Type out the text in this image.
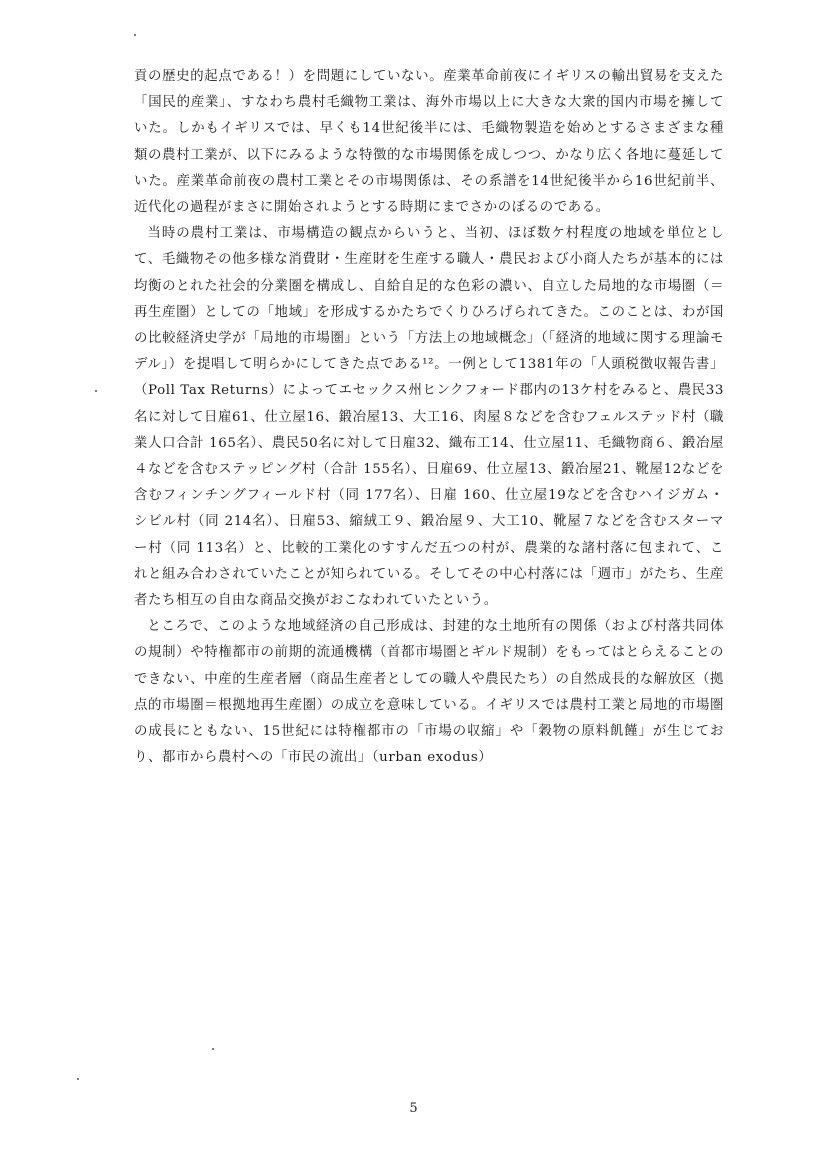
貢の歴史的起点である！）を問題にしていない。産業革命前夜にイギリスの輸出貿易を支えた「国民的産業」、すなわち農村毛織物工業は、海外市場以上に大きな大衆的国内市場を擁していた。しかもイギリスでは、早くも14世紀後半には、毛織物製造を始めとするさまざまな種類の農村工業が、以下にみるような特徴的な市場関係を成しつつ、かなり広く各地に蔓延していた。産業革命前夜の農村工業とその市場関係は、その系譜を14世紀後半から16世紀前半、近代化の過程がまさに開始されようとする時期にまでさかのぼるのである。

当時の農村工業は、市場構造の観点からいうと、当初、ほぼ数ケ村程度の地域を単位として、毛織物その他多様な消費財・生産財を生産する職人・農民および小商人たちが基本的には均衡のとれた社会的分業圏を構成し、自給自足的な色彩の濃い、自立した局地的な市場圏（＝再生産圏）としての「地域」を形成するかたちでくりひろげられてきた。このことは、わが国の比較経済史学が「局地的市場圏」という「方法上の地域概念」（「経済的地域に関する理論モデル」）を提唱して明らかにしてきた点である¹²。一例として1381年の「人頭税徴収報告書」（Poll Tax Returns）によってエセックス州ヒンクフォード郡内の13ケ村をみると、農民33名に対して日雇61、仕立屋16、鍛冶屋13、大工16、肉屋８などを含むフェルステッド村（職業人口合計 165名）、農民50名に対して日雇32、織布工14、仕立屋11、毛織物商６、鍛冶屋４などを含むステッピング村（合計 155名）、日雇69、仕立屋13、鍛冶屋21、靴屋12などを含むフィンチングフィールド村（同 177名）、日雇 160、仕立屋19などを含むハイジガム・シビル村（同 214名）、日雇53、縮絨工９、鍛冶屋９、大工10、靴屋７などを含むスターマー村（同 113名）と、比較的工業化のすすんだ五つの村が、農業的な諸村落に包まれて、これと組み合わされていたことが知られている。そしてその中心村落には「週市」がたち、生産者たち相互の自由な商品交換がおこなわれていたという。

ところで、このような地域経済の自己形成は、封建的な土地所有の関係（および村落共同体の規制）や特権都市の前期的流通機構（首都市場圏とギルド規制）をもってはとらえることのできない、中産的生産者層（商品生産者としての職人や農民たち）の自然成長的な解放区（拠点的市場圏＝根拠地再生産圏）の成立を意味している。イギリスでは農村工業と局地的市場圏の成長にともない、15世紀には特権都市の「市場の収縮」や「穀物の原料飢饉」が生じており、都市から農村への「市民の流出」（urban exodus）

5
